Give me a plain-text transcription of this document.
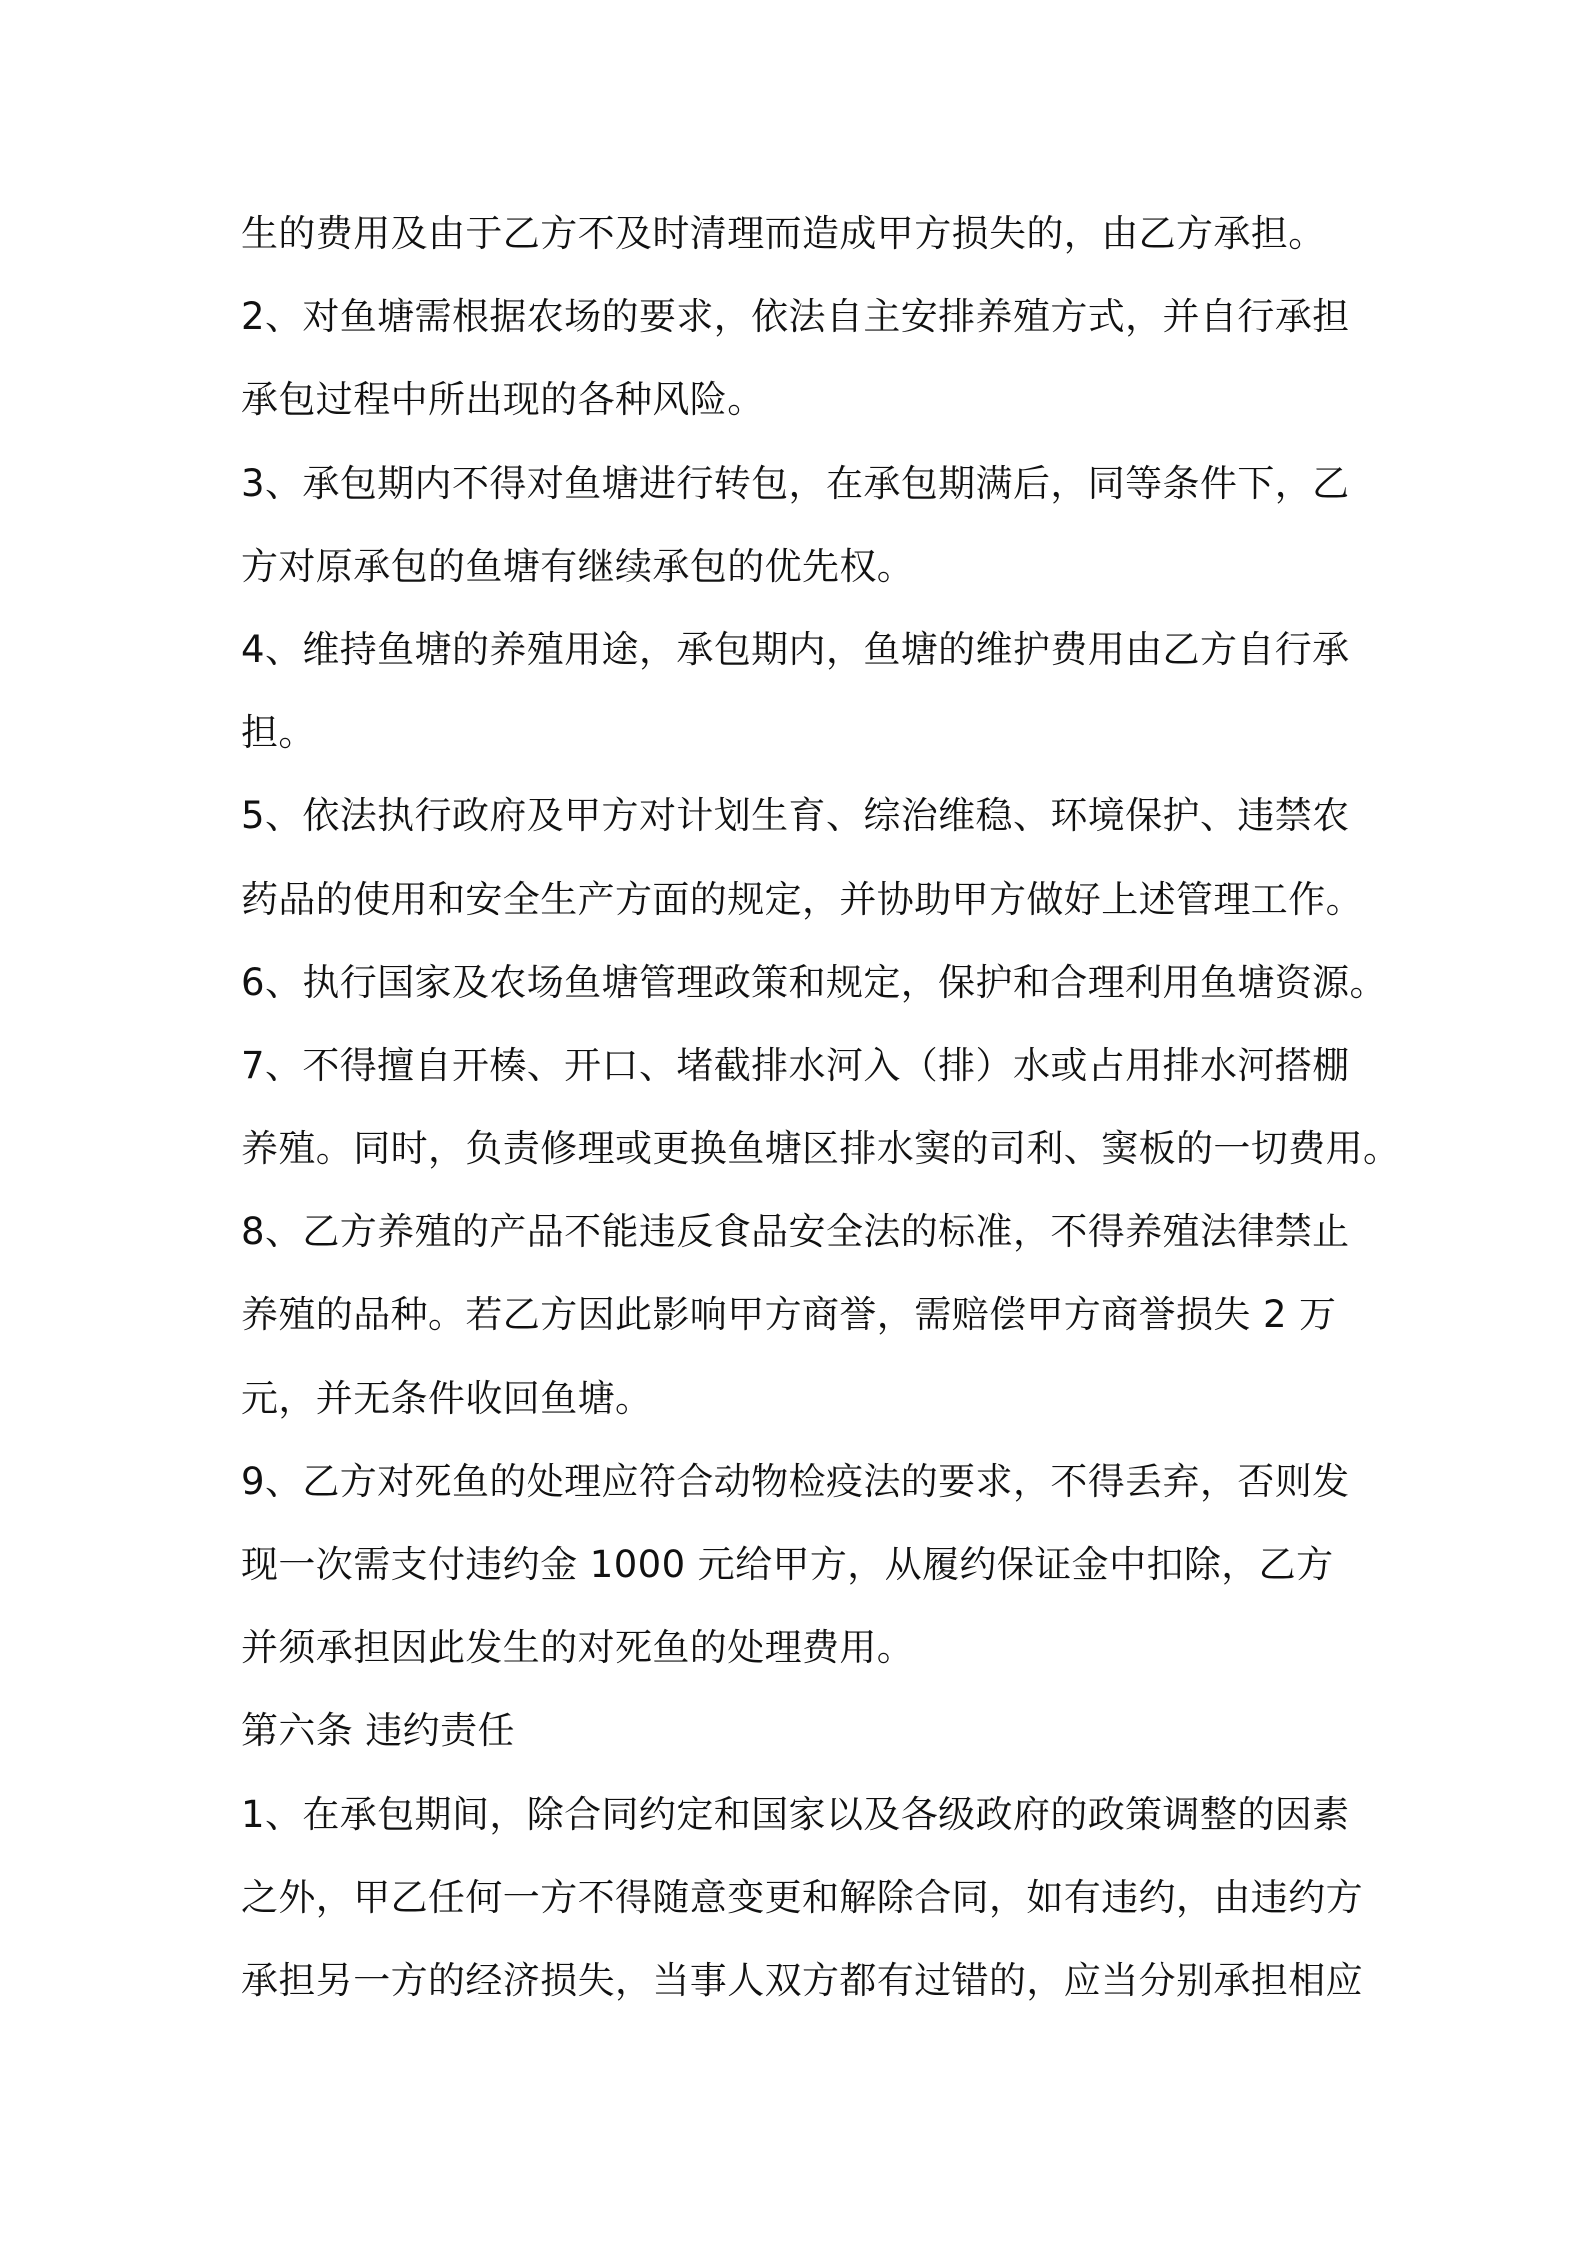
生的费用及由于乙方不及时清理而造成甲方损失的，由乙方承担。
2、对鱼塘需根据农场的要求，依法自主安排养殖方式，并自行承担
承包过程中所出现的各种风险。
3、承包期内不得对鱼塘进行转包，在承包期满后，同等条件下，乙
方对原承包的鱼塘有继续承包的优先权。
4、维持鱼塘的养殖用途，承包期内，鱼塘的维护费用由乙方自行承
担。
5、依法执行政府及甲方对计划生育、综治维稳、环境保护、违禁农
药品的使用和安全生产方面的规定，并协助甲方做好上述管理工作。
6、执行国家及农场鱼塘管理政策和规定，保护和合理利用鱼塘资源。
7、不得擅自开楱、开口、堵截排水河入（排）水或占用排水河搭棚
养殖。同时，负责修理或更换鱼塘区排水窦的司利、窦板的一切费用。
8、乙方养殖的产品不能违反食品安全法的标准，不得养殖法律禁止
养殖的品种。若乙方因此影响甲方商誉，需赔偿甲方商誉损失 2 万
元，并无条件收回鱼塘。
9、乙方对死鱼的处理应符合动物检疫法的要求，不得丢弃，否则发
现一次需支付违约金 1000 元给甲方，从履约保证金中扣除，乙方
并须承担因此发生的对死鱼的处理费用。
第六条 违约责任
1、在承包期间，除合同约定和国家以及各级政府的政策调整的因素
之外，甲乙任何一方不得随意变更和解除合同，如有违约，由违约方
承担另一方的经济损失，当事人双方都有过错的，应当分别承担相应
